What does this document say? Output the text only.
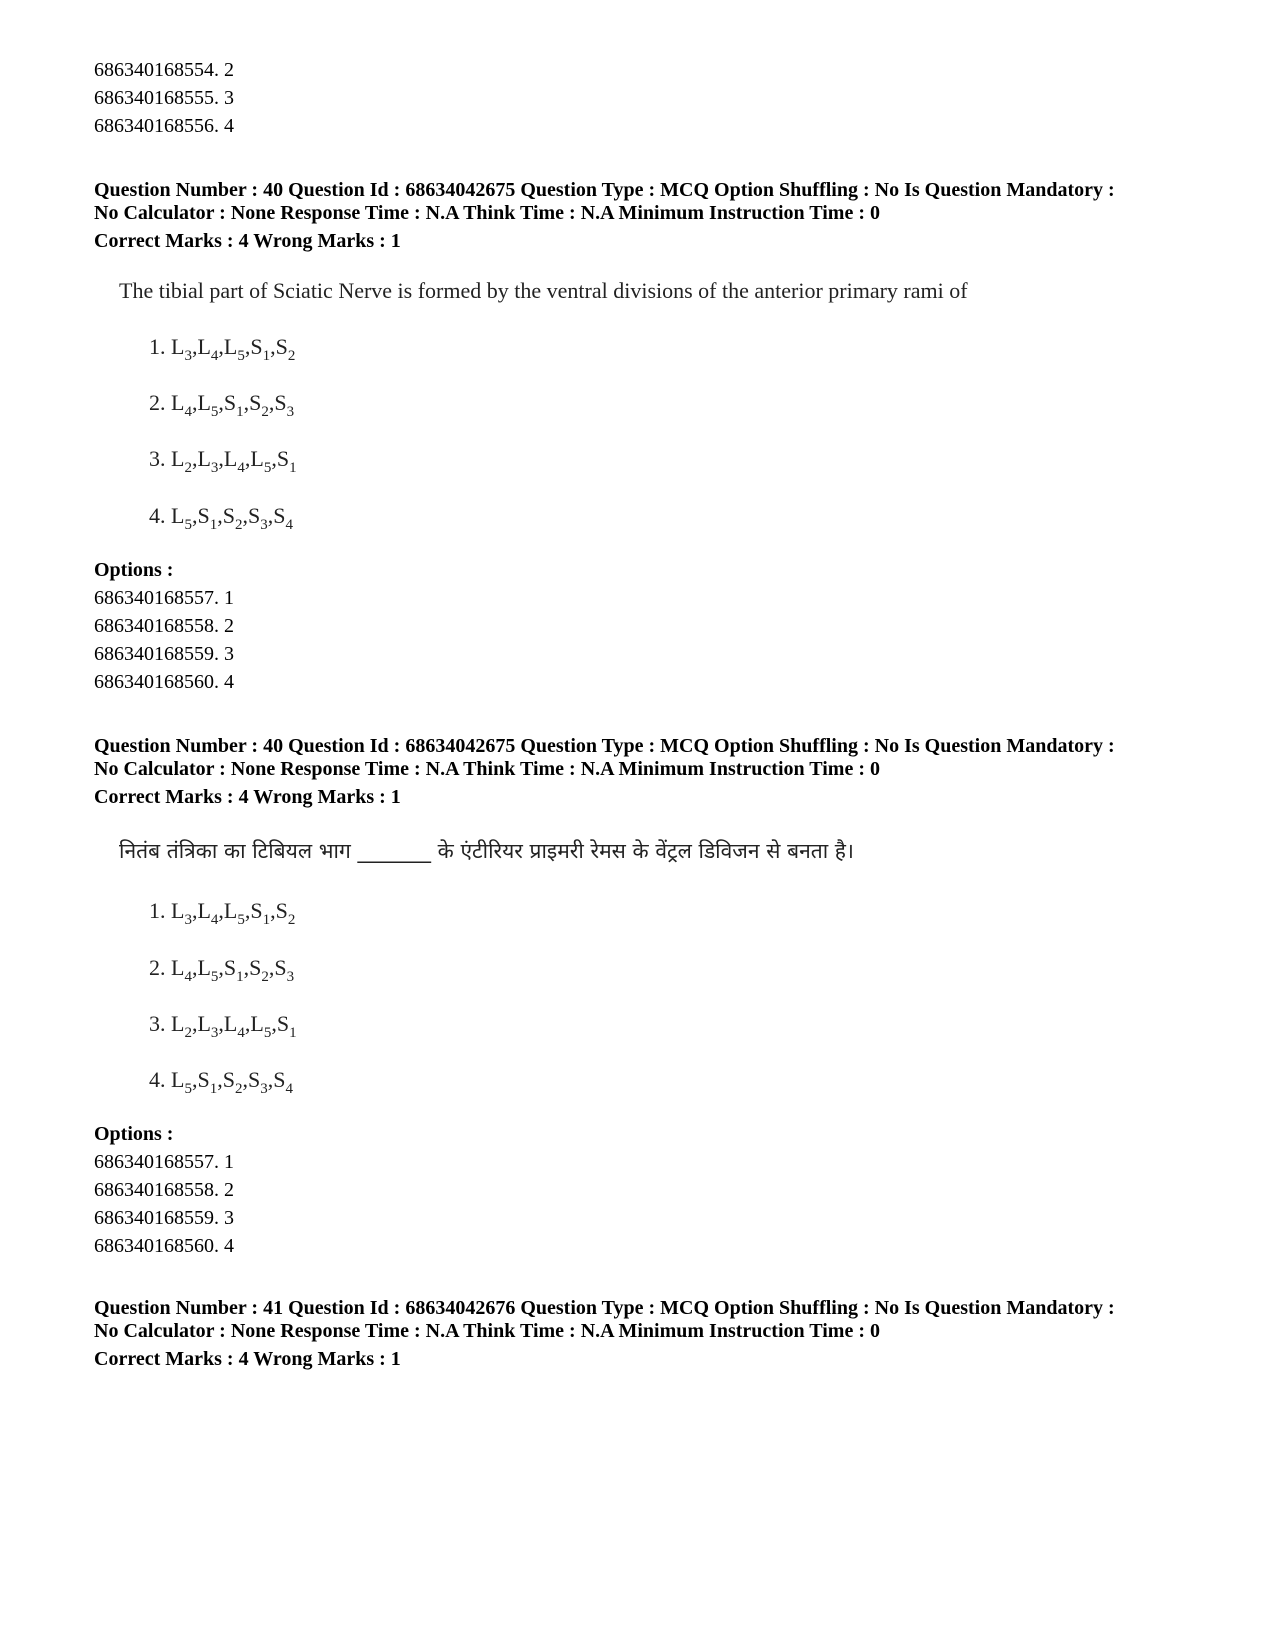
686340168554. 2
686340168555. 3
686340168556. 4
Question Number : 40 Question Id : 68634042675 Question Type : MCQ Option Shuffling : No Is Question Mandatory :
No Calculator : None Response Time : N.A Think Time : N.A Minimum Instruction Time : 0
Correct Marks : 4 Wrong Marks : 1
The tibial part of Sciatic Nerve is formed by the ventral divisions of the anterior primary rami of
1. $L_3,L_4,L_5,S_1,S_2$
2. $L_4,L_5,S_1,S_2,S_3$
3. $L_2,L_3,L_4,L_5,S_1$
4. $L_5,S_1,S_2,S_3,S_4$
Options :
686340168557. 1
686340168558. 2
686340168559. 3
686340168560. 4
Question Number : 40 Question Id : 68634042675 Question Type : MCQ Option Shuffling : No Is Question Mandatory :
No Calculator : None Response Time : N.A Think Time : N.A Minimum Instruction Time : 0
Correct Marks : 4 Wrong Marks : 1
नितंब तंत्रिका का टिबियल भाग _______ के एंटीरियर प्राइमरी रेमस के वेंट्रल डिविजन से बनता है।
1. $L_3,L_4,L_5,S_1,S_2$
2. $L_4,L_5,S_1,S_2,S_3$
3. $L_2,L_3,L_4,L_5,S_1$
4. $L_5,S_1,S_2,S_3,S_4$
Options :
686340168557. 1
686340168558. 2
686340168559. 3
686340168560. 4
Question Number : 41 Question Id : 68634042676 Question Type : MCQ Option Shuffling : No Is Question Mandatory :
No Calculator : None Response Time : N.A Think Time : N.A Minimum Instruction Time : 0
Correct Marks : 4 Wrong Marks : 1
